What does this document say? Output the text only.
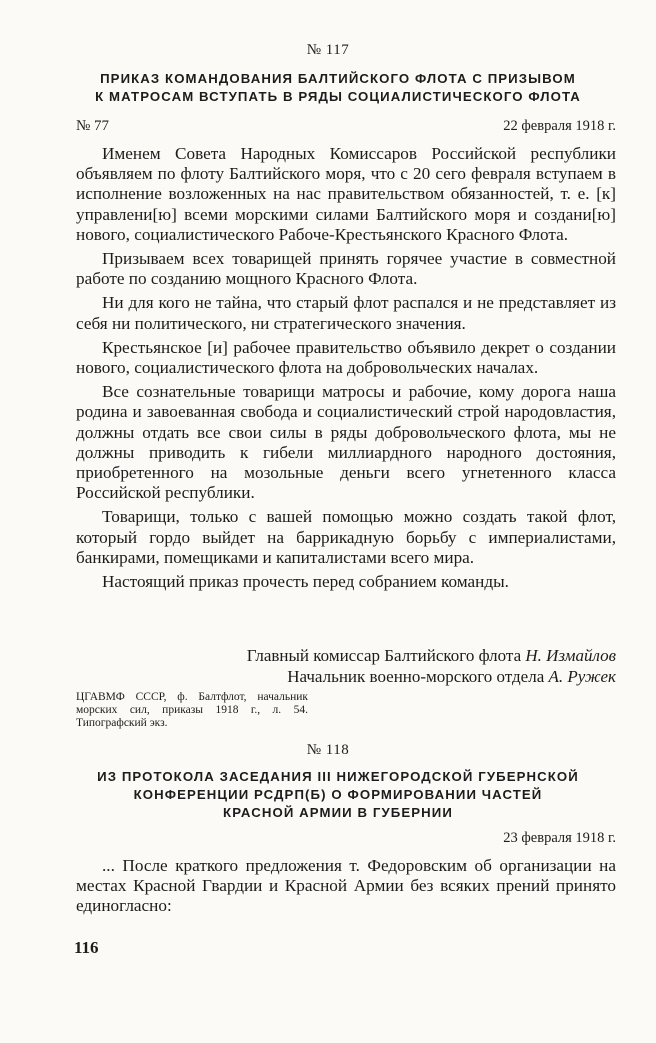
№ 117
ПРИКАЗ КОМАНДОВАНИЯ БАЛТИЙСКОГО ФЛОТА С ПРИЗЫВОМ
К МАТРОСАМ ВСТУПАТЬ В РЯДЫ СОЦИАЛИСТИЧЕСКОГО ФЛОТА
№ 77	22 февраля 1918 г.

Именем Совета Народных Комиссаров Российской республики объявляем по флоту Балтийского моря, что с 20 сего февраля вступаем в исполнение возложенных на нас правительством обязанностей, т. е. [к] управлени[ю] всеми морскими силами Балтийского моря и создани[ю] нового, социалистического Рабоче-Крестьянского Красного Флота.

Призываем всех товарищей принять горячее участие в совместной работе по созданию мощного Красного Флота.

Ни для кого не тайна, что старый флот распался и не представляет из себя ни политического, ни стратегического значения.

Крестьянское [и] рабочее правительство объявило декрет о создании нового, социалистического флота на добровольческих началах.

Все сознательные товарищи матросы и рабочие, кому дорога наша родина и завоеванная свобода и социалистический строй народовластия, должны отдать все свои силы в ряды добровольческого флота, мы не должны приводить к гибели миллиардного народного достояния, приобретенного на мозольные деньги всего угнетенного класса Российской республики.

Товарищи, только с вашей помощью можно создать такой флот, который гордо выйдет на баррикадную борьбу с империалистами, банкирами, помещиками и капиталистами всего мира.

Настоящий приказ прочесть перед собранием команды.

Главный комиссар Балтийского флота Н. Измайлов
Начальник военно-морского отдела А. Ружек
ЦГАВМФ СССР, ф. Балтфлот, начальник морских сил, приказы 1918 г., л. 54. Типографский экз.
№ 118
ИЗ ПРОТОКОЛА ЗАСЕДАНИЯ III НИЖЕГОРОДСКОЙ ГУБЕРНСКОЙ
КОНФЕРЕНЦИИ РСДРП(Б) О ФОРМИРОВАНИИ ЧАСТЕЙ
КРАСНОЙ АРМИИ В ГУБЕРНИИ
23 февраля 1918 г.

... После краткого предложения т. Федоровским об организации на местах Красной Гвардии и Красной Армии без всяких прений принято единогласно:

116
